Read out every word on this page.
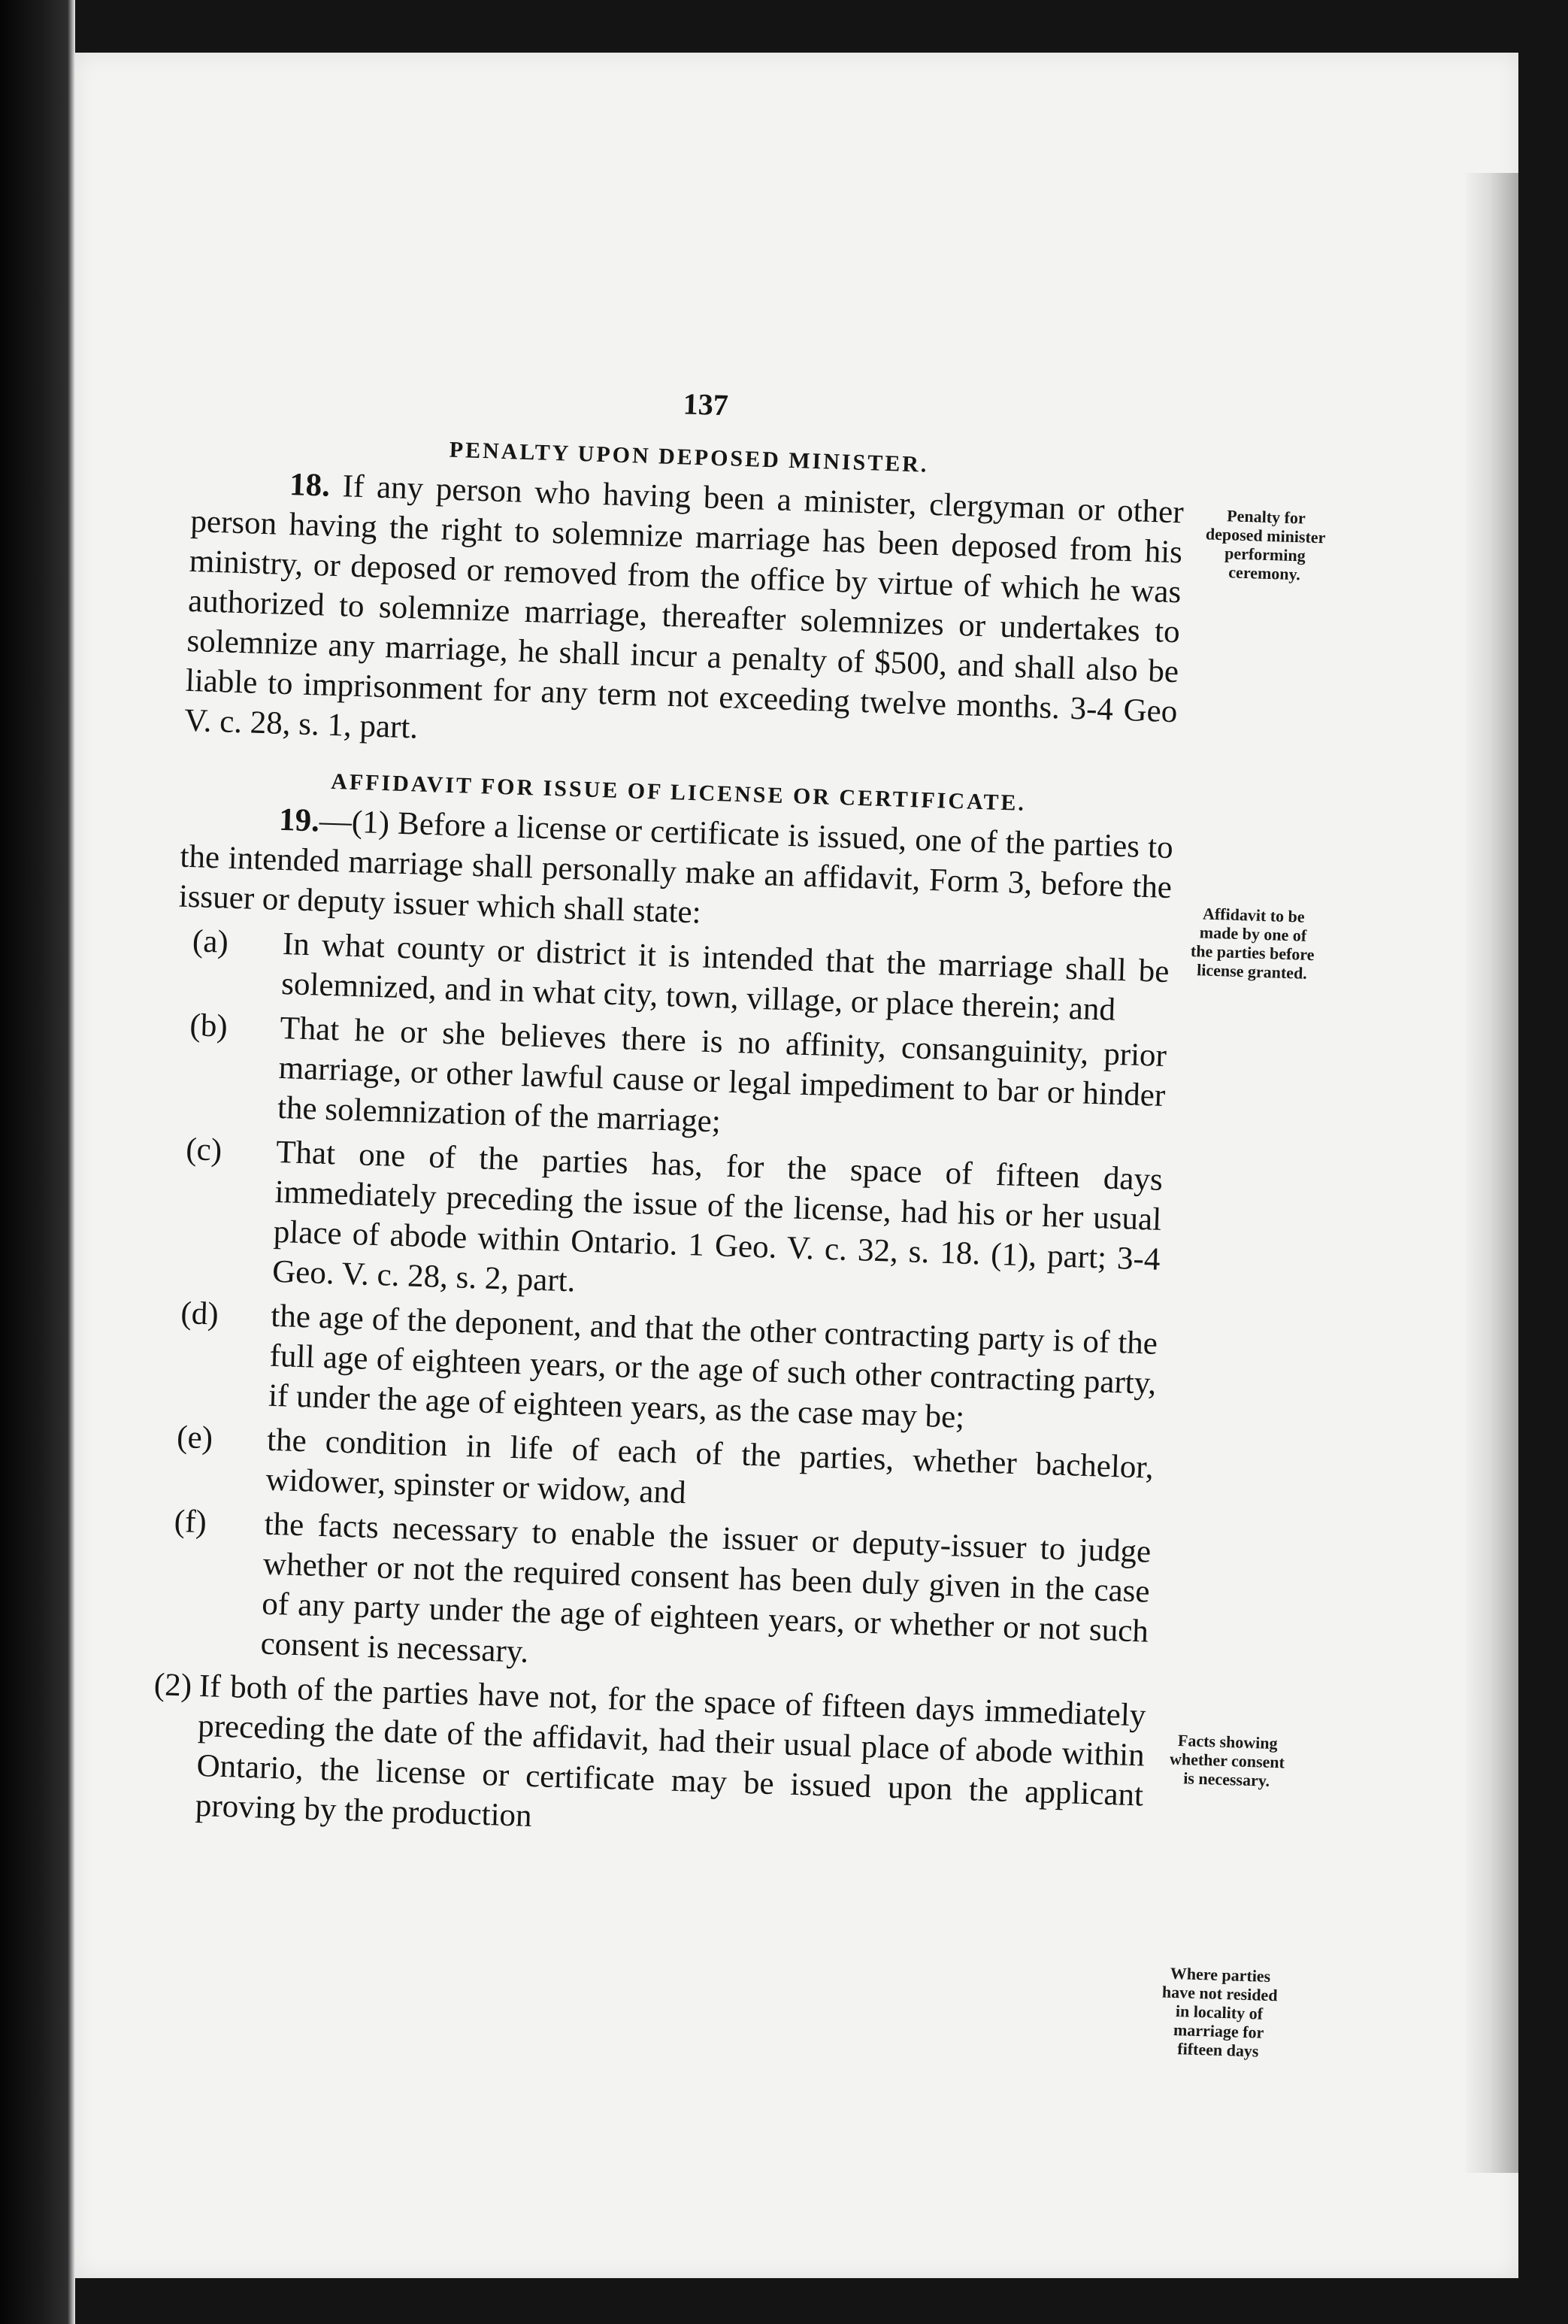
137
PENALTY UPON DEPOSED MINISTER.

18. If any person who having been a minister, clergyman or other person having the right to solemnize marriage has been deposed from his ministry, or deposed or removed from the office by virtue of which he was authorized to solemnize marriage, thereafter solemnizes or undertakes to solemnize any marriage, he shall incur a penalty of $500, and shall also be liable to imprisonment for any term not exceeding twelve months. 3-4 Geo V. c. 28, s. 1, part.

AFFIDAVIT FOR ISSUE OF LICENSE OR CERTIFICATE.

19.—(1) Before a license or certificate is issued, one of the parties to the intended marriage shall personally make an affidavit, Form 3, before the issuer or deputy issuer which shall state:

(a) In what county or district it is intended that the marriage shall be solemnized, and in what city, town, village, or place therein; and
(b) That he or she believes there is no affinity, consanguinity, prior marriage, or other lawful cause or legal impediment to bar or hinder the solemnization of the marriage;
(c) That one of the parties has, for the space of fifteen days immediately preceding the issue of the license, had his or her usual place of abode within Ontario. 1 Geo. V. c. 32, s. 18. (1), part; 3-4 Geo. V. c. 28, s. 2, part.
(d) the age of the deponent, and that the other contracting party is of the full age of eighteen years, or the age of such other contracting party, if under the age of eighteen years, as the case may be;
(e) the condition in life of each of the parties, whether bachelor, widower, spinster or widow, and
(f) the facts necessary to enable the issuer or deputy-issuer to judge whether or not the required consent has been duly given in the case of any party under the age of eighteen years, or whether or not such consent is necessary.
(2) If both of the parties have not, for the space of fifteen days immediately preceding the date of the affidavit, had their usual place of abode within Ontario, the license or certificate may be issued upon the applicant proving by the production
Penalty for deposed minister performing ceremony.
Affidavit to be made by one of the parties before license granted.
Facts showing whether consent is necessary.
Where parties have not resided in locality of marriage for fifteen days
